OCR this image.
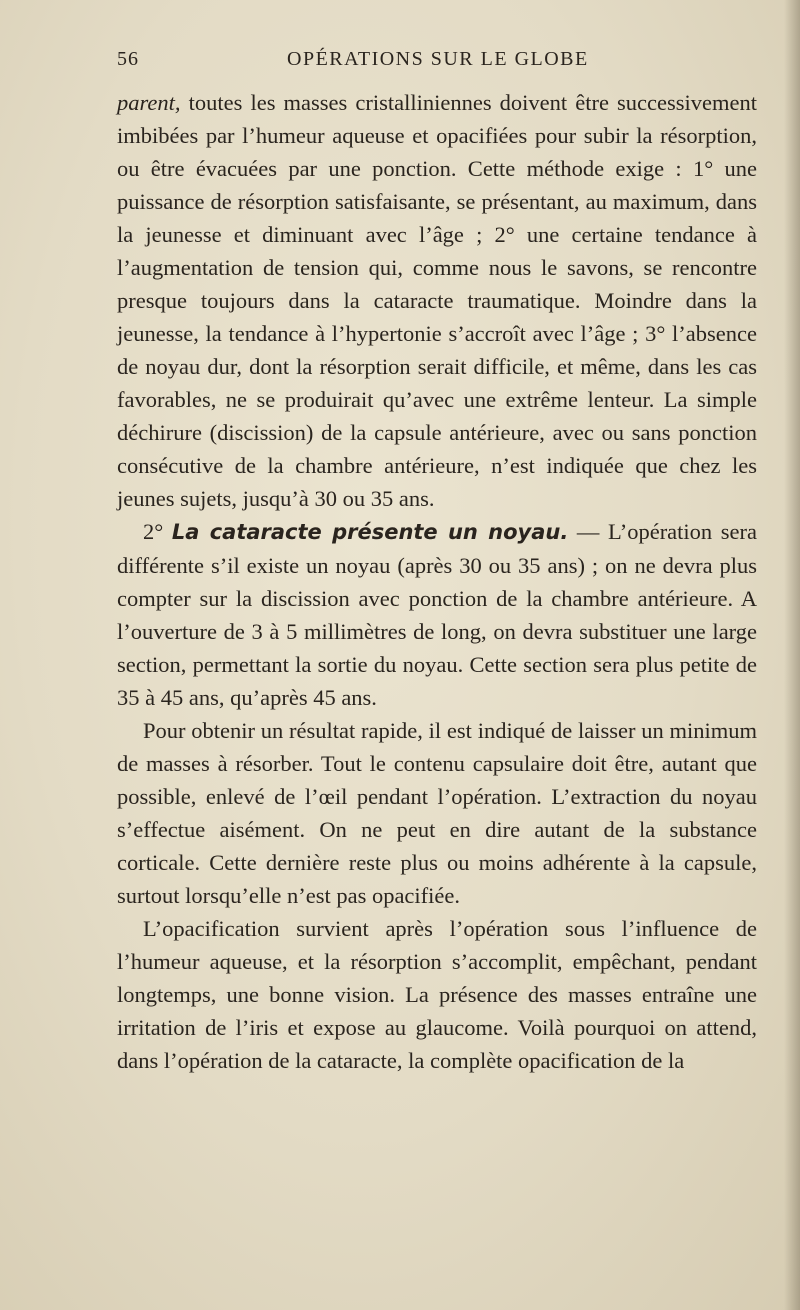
56	OPÉRATIONS SUR LE GLOBE

parent, toutes les masses cristalliniennes doivent être successivement imbibées par l’humeur aqueuse et opacifiées pour subir la résorption, ou être évacuées par une ponction. Cette méthode exige : 1° une puissance de résorption satisfaisante, se présentant, au maximum, dans la jeunesse et diminuant avec l’âge ; 2° une certaine tendance à l’augmentation de tension qui, comme nous le savons, se rencontre presque toujours dans la cataracte traumatique. Moindre dans la jeunesse, la tendance à l’hypertonie s’accroît avec l’âge ; 3° l’absence de noyau dur, dont la résorption serait difficile, et même, dans les cas favorables, ne se produirait qu’avec une extrême lenteur. La simple déchirure (discission) de la capsule antérieure, avec ou sans ponction consécutive de la chambre antérieure, n’est indiquée que chez les jeunes sujets, jusqu’à 30 ou 35 ans.

2° La cataracte présente un noyau. — L’opération sera différente s’il existe un noyau (après 30 ou 35 ans) ; on ne devra plus compter sur la discission avec ponction de la chambre antérieure. A l’ouverture de 3 à 5 millimètres de long, on devra substituer une large section, permettant la sortie du noyau. Cette section sera plus petite de 35 à 45 ans, qu’après 45 ans.

Pour obtenir un résultat rapide, il est indiqué de laisser un minimum de masses à résorber. Tout le contenu capsulaire doit être, autant que possible, enlevé de l’œil pendant l’opération. L’extraction du noyau s’effectue aisément. On ne peut en dire autant de la substance corticale. Cette dernière reste plus ou moins adhérente à la capsule, surtout lorsqu’elle n’est pas opacifiée.

L’opacification survient après l’opération sous l’influence de l’humeur aqueuse, et la résorption s’accomplit, empêchant, pendant longtemps, une bonne vision. La présence des masses entraîne une irritation de l’iris et expose au glaucome. Voilà pourquoi on attend, dans l’opération de la cataracte, la complète opacification de la
